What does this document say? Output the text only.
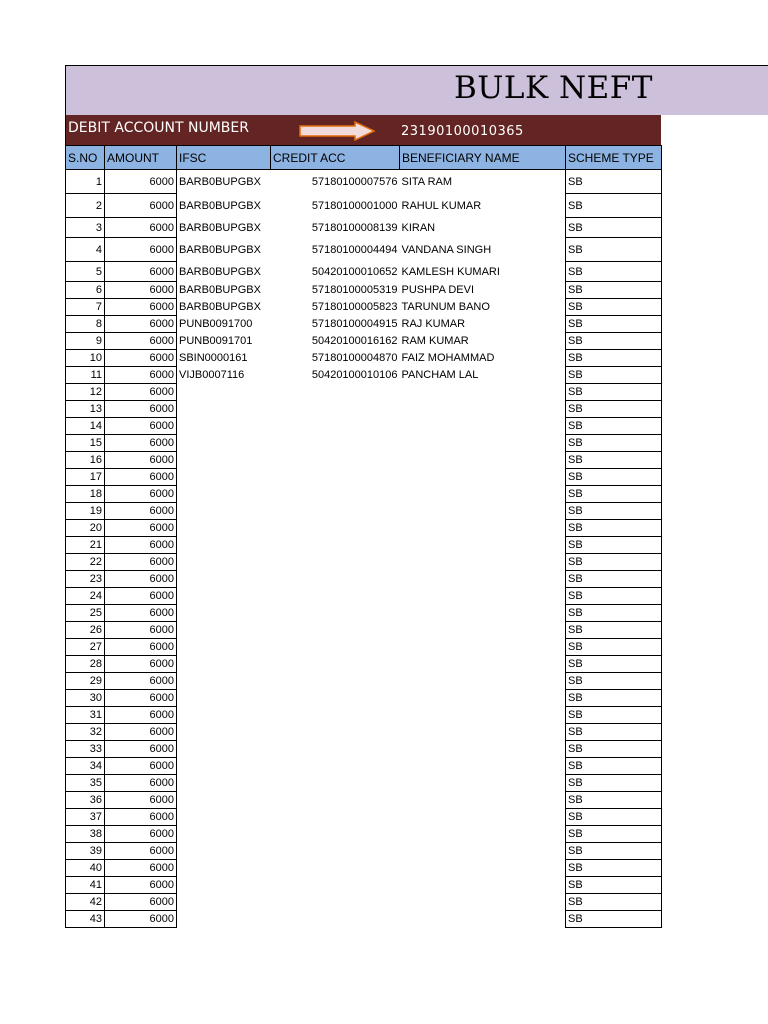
BULK NEFT
DEBIT ACCOUNT NUMBER	23190100010365
S.NO	AMOUNT	IFSC	CREDIT ACC	BENEFICIARY NAME	SCHEME TYPE
1	6000	BARB0BUPGBX	57180100007576	SITA RAM	SB
2	6000	BARB0BUPGBX	57180100001000	RAHUL KUMAR	SB
3	6000	BARB0BUPGBX	57180100008139	KIRAN	SB
4	6000	BARB0BUPGBX	57180100004494	VANDANA SINGH	SB
5	6000	BARB0BUPGBX	50420100010652	KAMLESH KUMARI	SB
6	6000	BARB0BUPGBX	57180100005319	PUSHPA DEVI	SB
7	6000	BARB0BUPGBX	57180100005823	TARUNUM BANO	SB
8	6000	PUNB0091700	57180100004915	RAJ KUMAR	SB
9	6000	PUNB0091701	50420100016162	RAM KUMAR	SB
10	6000	SBIN0000161	57180100004870	FAIZ MOHAMMAD	SB
11	6000	VIJB0007116	50420100010106	PANCHAM LAL	SB
12	6000				SB
13	6000				SB
14	6000				SB
15	6000				SB
16	6000				SB
17	6000				SB
18	6000				SB
19	6000				SB
20	6000				SB
21	6000				SB
22	6000				SB
23	6000				SB
24	6000				SB
25	6000				SB
26	6000				SB
27	6000				SB
28	6000				SB
29	6000				SB
30	6000				SB
31	6000				SB
32	6000				SB
33	6000				SB
34	6000				SB
35	6000				SB
36	6000				SB
37	6000				SB
38	6000				SB
39	6000				SB
40	6000				SB
41	6000				SB
42	6000				SB
43	6000				SB
